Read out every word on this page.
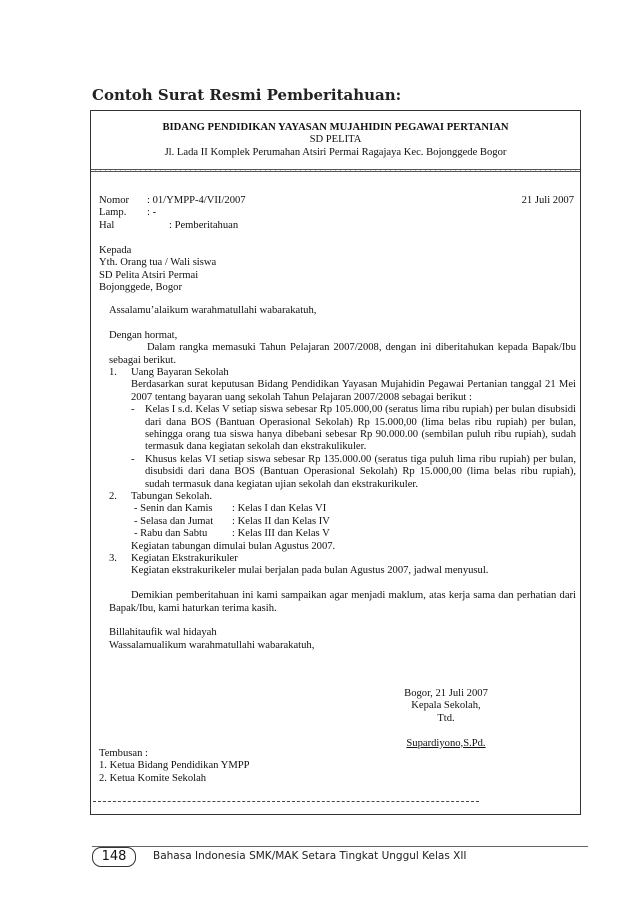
Contoh Surat Resmi Pemberitahuan:
BIDANG PENDIDIKAN YAYASAN MUJAHIDIN PEGAWAI PERTANIAN
SD PELITA
Jl. Lada II Komplek Perumahan Atsiri Permai Ragajaya Kec. Bojonggede Bogor
Nomor : 01/YMPP-4/VII/2007	21 Juli 2007
Lamp. : -
Hal	: Pemberitahuan
Kepada
Yth. Orang tua / Wali siswa
SD Pelita Atsiri Permai
Bojonggede, Bogor

Assalamu’alaikum warahmatullahi wabarakatuh,

Dengan hormat,

Dalam rangka memasuki Tahun Pelajaran 2007/2008, dengan ini diberitahukan kepada Bapak/Ibu sebagai berikut.

1. Uang Bayaran Sekolah
Berdasarkan surat keputusan Bidang Pendidikan Yayasan Mujahidin Pegawai Pertanian tanggal 21 Mei 2007 tentang bayaran uang sekolah Tahun Pelajaran 2007/2008 sebagai berikut :
- Kelas I s.d. Kelas V setiap siswa sebesar Rp 105.000,00 (seratus lima ribu rupiah) per bulan disubsidi dari dana BOS (Bantuan Operasional Sekolah) Rp 15.000,00 (lima belas ribu rupiah) per bulan, sehingga orang tua siswa hanya dibebani sebesar Rp 90.000.00 (sembilan puluh ribu rupiah), sudah termasuk dana kegiatan sekolah dan ekstrakulikuler.
- Khusus kelas VI setiap siswa sebesar Rp 135.000.00 (seratus tiga puluh lima ribu rupiah) per bulan, disubsidi dari dana BOS (Bantuan Operasional Sekolah) Rp 15.000,00 (lima belas ribu rupiah), sudah termasuk dana kegiatan ujian sekolah dan ekstrakurikuler.
2. Tabungan Sekolah.
- Senin dan Kamis : Kelas I dan Kelas VI
- Selasa dan Jumat : Kelas II dan Kelas IV
- Rabu dan Sabtu : Kelas III dan Kelas V
Kegiatan tabungan dimulai bulan Agustus 2007.
3. Kegiatan Ekstrakurikuler
Kegiatan ekstrakurikeler mulai berjalan pada bulan Agustus 2007, jadwal menyusul.

Demikian pemberitahuan ini kami sampaikan agar menjadi maklum, atas kerja sama dan perhatian dari Bapak/Ibu, kami haturkan terima kasih.

Billahitaufik wal hidayah

Wassalamualikum warahmatullahi wabarakatuh,

Bogor, 21 Juli 2007
Kepala Sekolah,
Ttd.
Supardiyono,S.Pd.
Tembusan :
1. Ketua Bidang Pendidikan YMPP
2. Ketua Komite Sekolah
148	Bahasa Indonesia SMK/MAK Setara Tingkat Unggul Kelas XII
